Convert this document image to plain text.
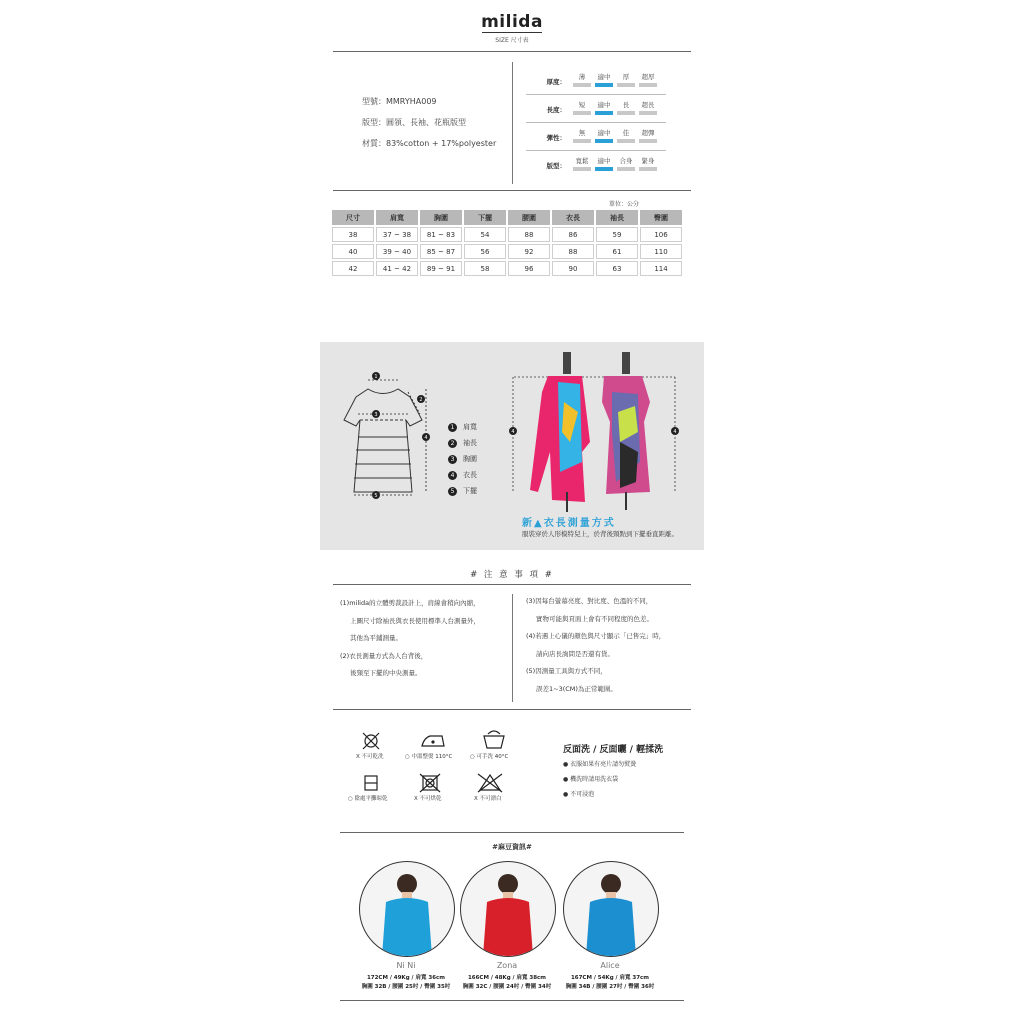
milida
SIZE 尺寸表
型號：MMRYHA009
版型：圓領、長袖、花瓶版型
材質：83%cotton + 17%polyester
厚度：
薄	適中	厚	超厚
長度：
短	適中	長	超長
彈性：
無	適中	佳	超彈
版型：
寬鬆	適中	合身	緊身
單位：公分
尺寸	肩寬	胸圍	下擺	腰圍	衣長	袖長	臀圍
38	37 ~ 38	81 ~ 83	54	88	86	59	106
40	39 ~ 40	85 ~ 87	56	92	88	61	110
42	41 ~ 42	89 ~ 91	58	96	90	63	114
1
2
3
4
5
4	4
1 肩寬
2 袖長
3 胸圍
4 衣長
5 下擺
新▲衣長測量方式
服裝穿於人形模特兒上，於背後頸點到下擺垂直距離。
# 注 意 事 項 #
(1)milida的立體剪裁設計上，肩線會稍向內縮，
上圖尺寸除袖長與衣長使用標準人台測量外，
其他為平鋪測量。
(2)衣長測量方式為人台背後，
後頸至下擺的中央測量。
(3)因每台螢幕亮度、對比度、色溫的不同，
實物可能與頁面上會有不同程度的色差。
(4)若遇上心儀的顏色與尺寸顯示「已售完」時，
請向店長詢問是否還有貨。
(5)因測量工具與方式不同，
誤差1~3(CM)為正常範圍。
X 不可乾洗	○ 中溫整燙 110°C	○ 可手洗 40°C
○ 陰處平攤晾乾	X 不可烘乾	X 不可漂白
反面洗 / 反面曬 / 輕揉洗
● 衣服如果有亮片請勿熨燙
● 機洗時請用洗衣袋
● 不可浸泡
#麻豆資訊#
Ni Ni
172CM / 49Kg / 肩寬 36cm
胸圍 32B / 腰圍 25吋 / 臀圍 35吋
Zona
166CM / 48Kg / 肩寬 38cm
胸圍 32C / 腰圍 24吋 / 臀圍 34吋
Alice
167CM / 54Kg / 肩寬 37cm
胸圍 34B / 腰圍 27吋 / 臀圍 36吋
